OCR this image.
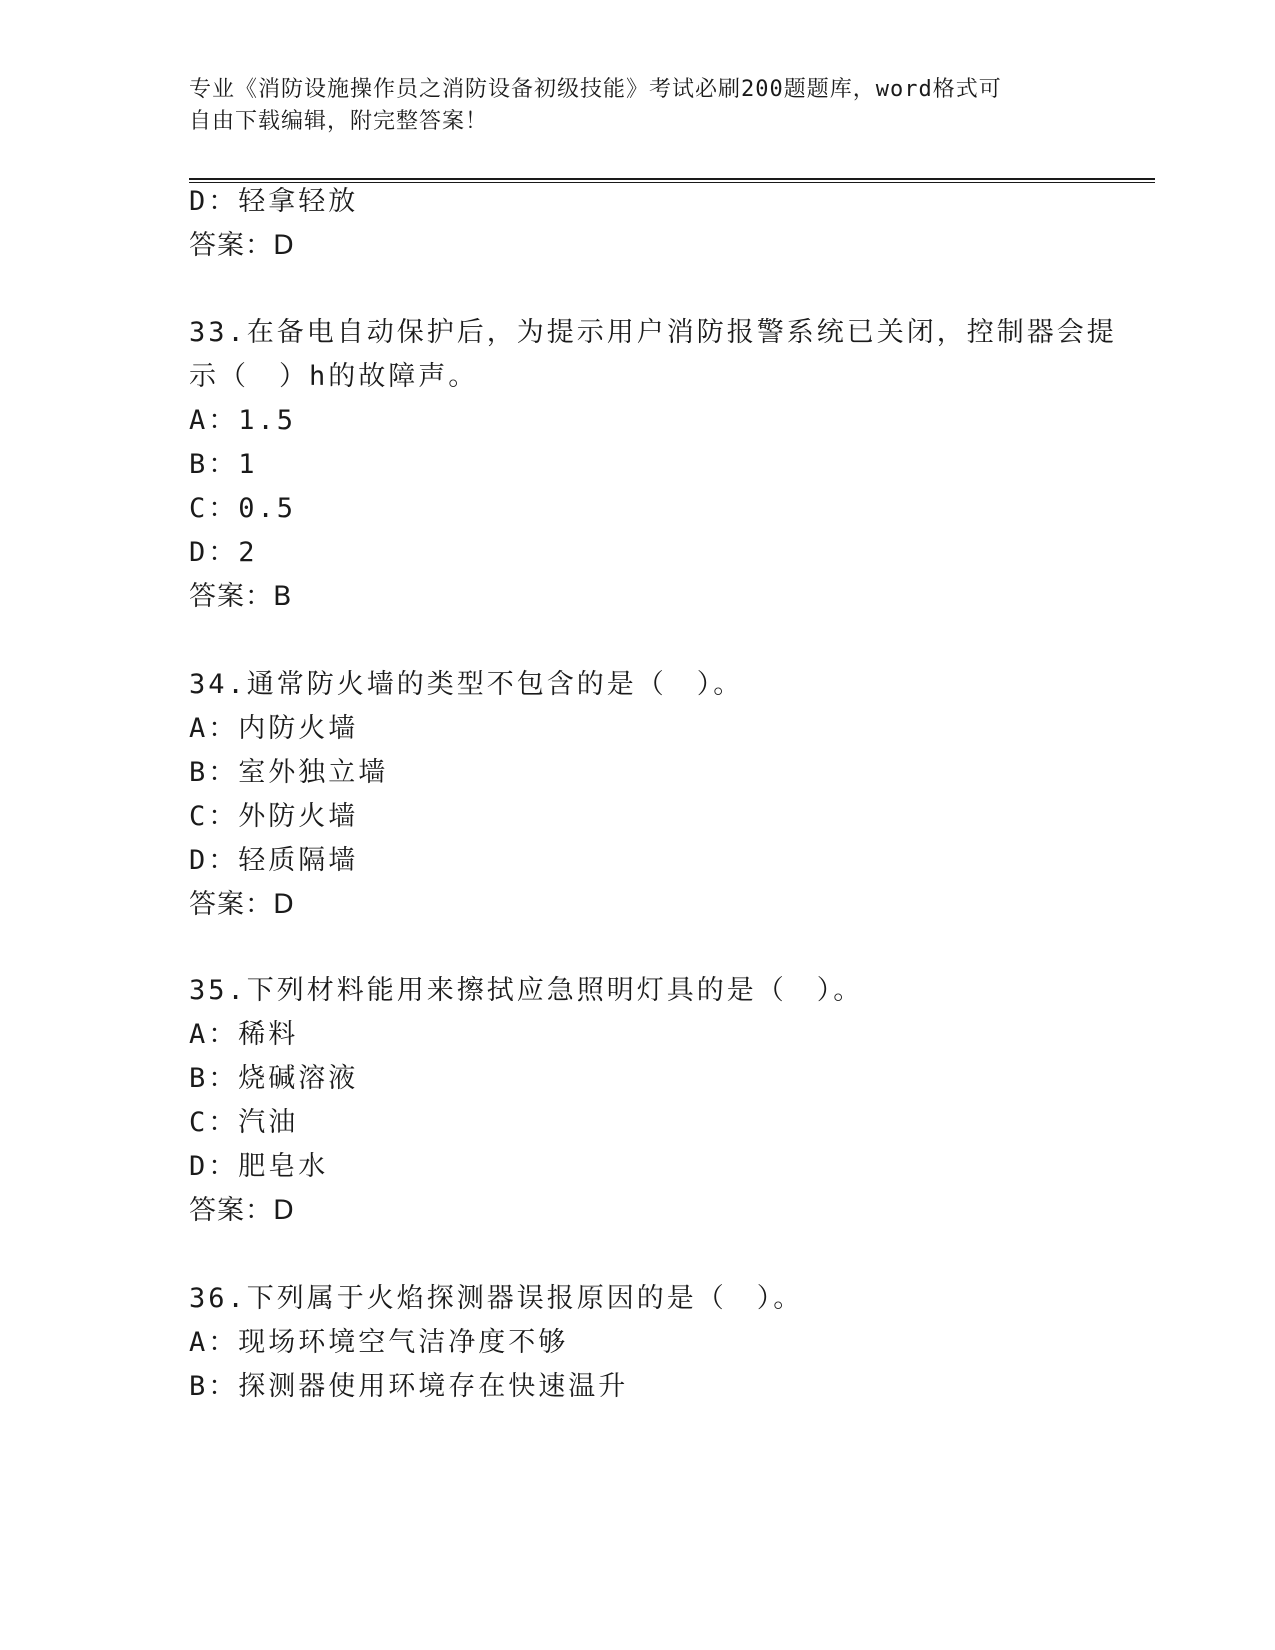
专业《消防设施操作员之消防设备初级技能》考试必刷200题题库，word格式可
自由下载编辑，附完整答案！
D：轻拿轻放
答案：D
33.在备电自动保护后，为提示用户消防报警系统已关闭，控制器会提
示（　）h的故障声。
A：1.5
B：1
C：0.5
D：2
答案：B
34.通常防火墙的类型不包含的是（　）。
A：内防火墙
B：室外独立墙
C：外防火墙
D：轻质隔墙
答案：D
35.下列材料能用来擦拭应急照明灯具的是（　）。
A：稀料
B：烧碱溶液
C：汽油
D：肥皂水
答案：D
36.下列属于火焰探测器误报原因的是（　）。
A：现场环境空气洁净度不够
B：探测器使用环境存在快速温升
